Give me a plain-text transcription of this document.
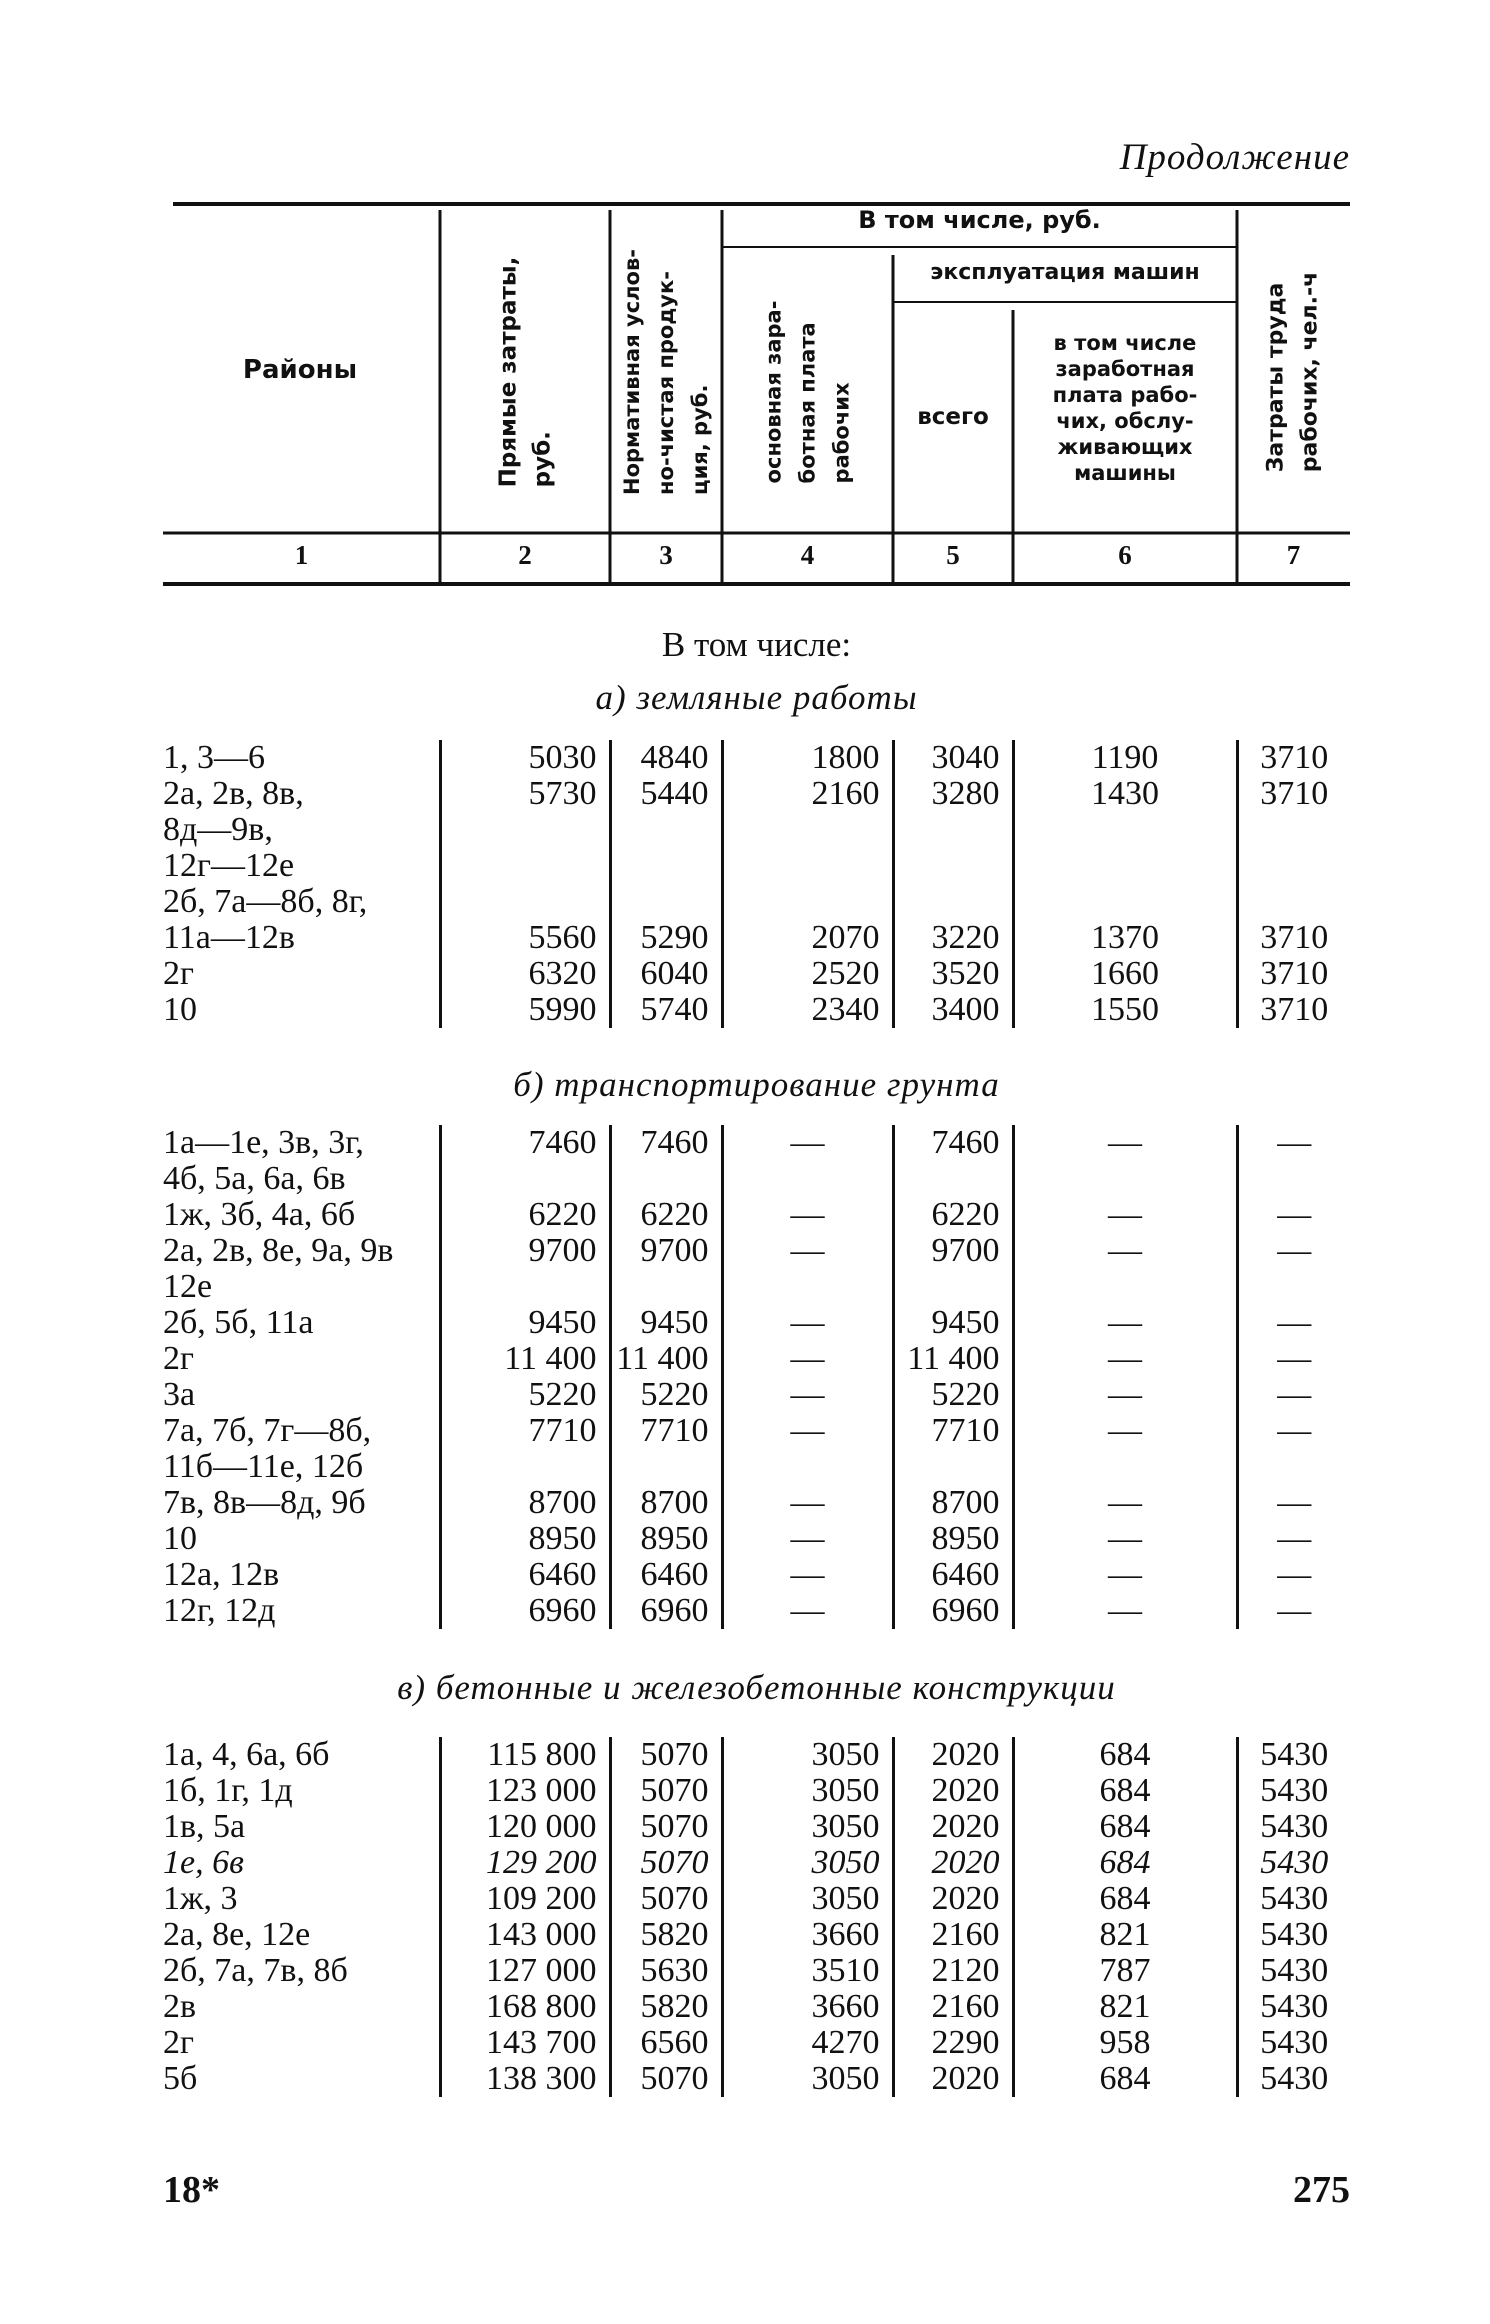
Продолжение
Районы
Прямые затраты,
руб.	Нормативная услов-
но-чистая продук-
ция, руб.
В том числе, руб.
основная зара-
ботная плата
рабочих
эксплуатация машин
всего
в том числе
заработная
плата рабо-
чих, обслу-
живающих
машины
Затраты труда
рабочих, чел.-ч
1	2	3	4	5	6	7
В том числе:
а) земляные работы
1, 3—6	5030	4840	1800	3040	1190	3710

2а, 2в, 8в,
8д—9в,
12г—12е	5730	5440	2160	3280	1430	3710

2б, 7а—8б, 8г,
11а—12в	5560	5290	2070	3220	1370	3710

2г	6320	6040	2520	3520	1660	3710

10	5990	5740	2340	3400	1550	3710
б) транспортирование грунта
1а—1е, 3в, 3г,
4б, 5а, 6а, 6в	7460	7460	—	7460	—	—

1ж, 3б, 4а, 6б	6220	6220	—	6220	—	—

2а, 2в, 8е, 9а, 9в
12е	9700	9700	—	9700	—	—

2б, 5б, 11а	9450	9450	—	9450	—	—

2г	11 400	11 400	—	11 400	—	—

3а	5220	5220	—	5220	—	—

7а, 7б, 7г—8б,
11б—11е, 12б	7710	7710	—	7710	—	—

7в, 8в—8д, 9б	8700	8700	—	8700	—	—

10	8950	8950	—	8950	—	—

12а, 12в	6460	6460	—	6460	—	—

12г, 12д	6960	6960	—	6960	—	—
в) бетонные и железобетонные конструкции
1а, 4, 6а, 6б	115 800	5070	3050	2020	684	5430

1б, 1г, 1д	123 000	5070	3050	2020	684	5430

1в, 5а	120 000	5070	3050	2020	684	5430

1е, 6в	129 200	5070	3050	2020	684	5430

1ж, 3	109 200	5070	3050	2020	684	5430

2а, 8е, 12е	143 000	5820	3660	2160	821	5430

2б, 7а, 7в, 8б	127 000	5630	3510	2120	787	5430

2в	168 800	5820	3660	2160	821	5430

2г	143 700	6560	4270	2290	958	5430

5б	138 300	5070	3050	2020	684	5430
18*	275
